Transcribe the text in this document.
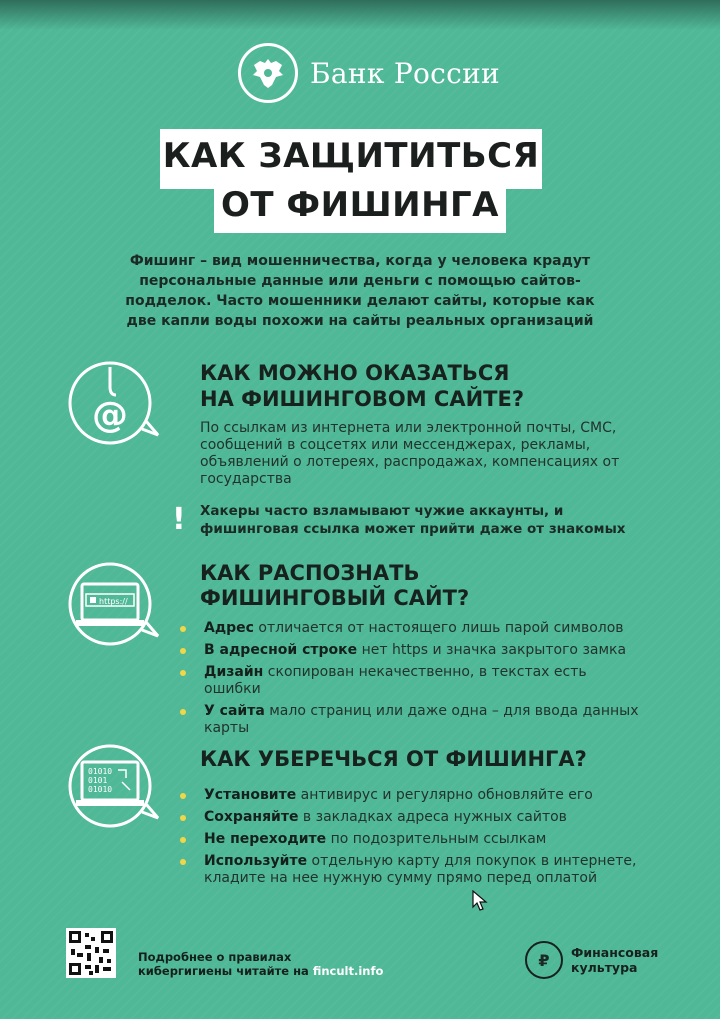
Банк России
КАК ЗАЩИТИТЬСЯ
ОТ ФИШИНГА
Фишинг – вид мошенничества, когда у человека крадут персональные данные или деньги с помощью сайтов-подделок. Часто мошенники делают сайты, которые как две капли воды похожи на сайты реальных организаций
@
КАК МОЖНО ОКАЗАТЬСЯ
НА ФИШИНГОВОМ САЙТЕ?
По ссылкам из интернета или электронной почты, СМС, сообщений в соцсетях или мессенджерах, рекламы, объявлений о лотереях, распродажах, компенсациях от государства
! Хакеры часто взламывают чужие аккаунты, и фишинговая ссылка может прийти даже от знакомых
https://
КАК РАСПОЗНАТЬ
ФИШИНГОВЫЙ САЙТ?
Адрес отличается от настоящего лишь парой символов
В адресной строке нет https и значка закрытого замка
Дизайн скопирован некачественно, в текстах есть ошибки
У сайта мало страниц или даже одна – для ввода данных карты
01010
0101
01010
КАК УБЕРЕЧЬСЯ ОТ ФИШИНГА?
Установите антивирус и регулярно обновляйте его
Сохраняйте в закладках адреса нужных сайтов
Не переходите по подозрительным ссылкам
Используйте отдельную карту для покупок в интернете, кладите на нее нужную сумму прямо перед оплатой
Подробнее о правилах
кибергигиены читайте на fincult.info
₽	Финансовая
культура
